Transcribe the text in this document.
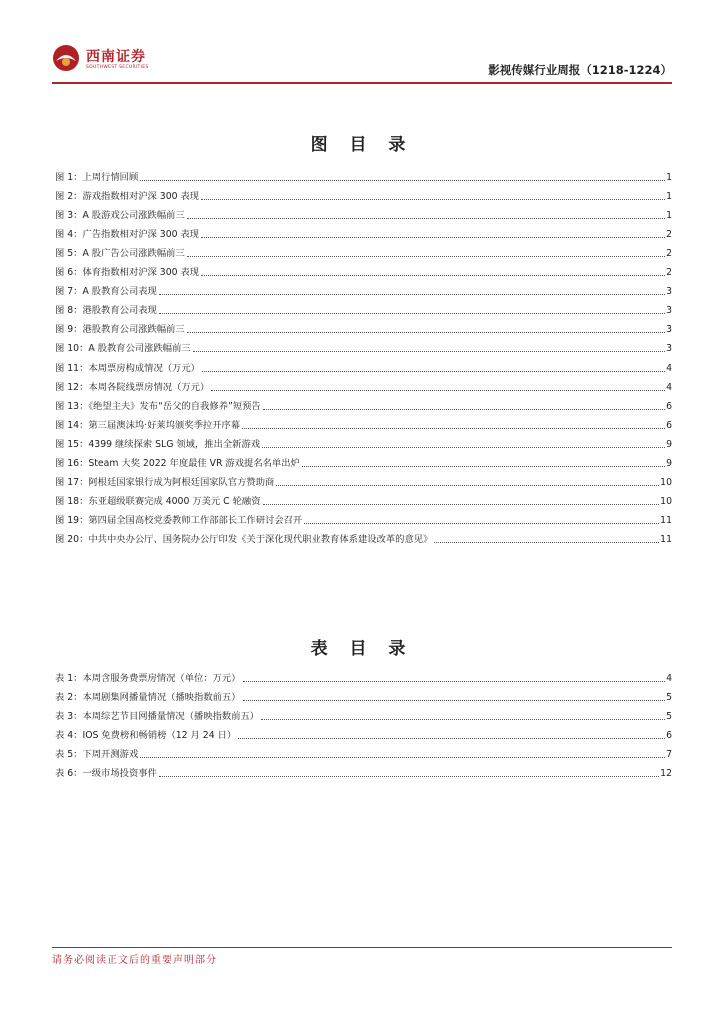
西南证券
SOUTHWEST SECURITIES	影视传媒行业周报（1218-1224）
图 目 录
图 1：上周行情回顾	1
图 2：游戏指数相对沪深 300 表现	1
图 3：A 股游戏公司涨跌幅前三	1
图 4：广告指数相对沪深 300 表现	2
图 5：A 股广告公司涨跌幅前三	2
图 6：体育指数相对沪深 300 表现	2
图 7：A 股教育公司表现	3
图 8：港股教育公司表现	3
图 9：港股教育公司涨跌幅前三	3
图 10：A 股教育公司涨跌幅前三	3
图 11：本周票房构成情况（万元）	4
图 12：本周各院线票房情况（万元）	4
图 13：《绝望主夫》发布“岳父的自我修养”短预告	6
图 14：第三届澳沫坞·好莱坞颁奖季拉开序幕	6
图 15：4399 继续探索 SLG 领域，推出全新游戏	9
图 16：Steam 大奖 2022 年度最佳 VR 游戏提名名单出炉	9
图 17：阿根廷国家银行成为阿根廷国家队官方赞助商	10
图 18：东亚超级联赛完成 4000 万美元 C 轮融资	10
图 19：第四届全国高校党委教师工作部部长工作研讨会召开	11
图 20：中共中央办公厅、国务院办公厅印发《关于深化现代职业教育体系建设改革的意见》	11
表 目 录
表 1：本周含服务费票房情况（单位：万元）	4
表 2：本周剧集网播量情况（播映指数前五）	5
表 3：本周综艺节目网播量情况（播映指数前五）	5
表 4：IOS 免费榜和畅销榜（12 月 24 日）	6
表 5：下周开测游戏	7
表 6：一级市场投资事件	12
请务必阅读正文后的重要声明部分
